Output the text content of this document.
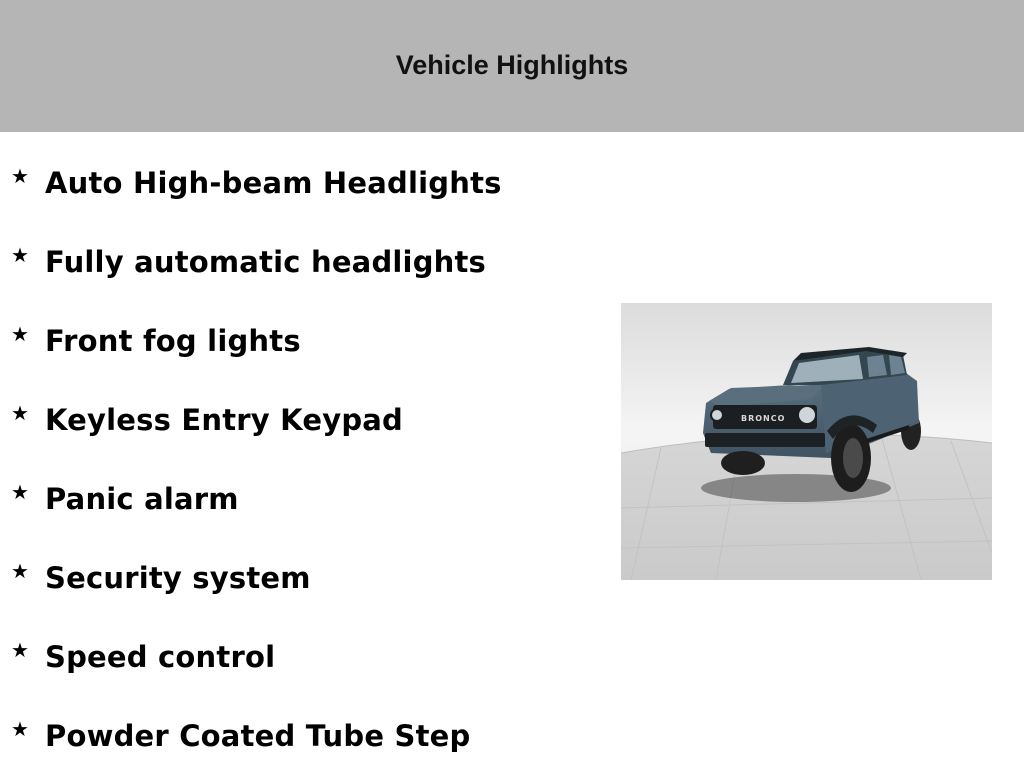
Vehicle Highlights
★ Auto High-beam Headlights
★ Fully automatic headlights
★ Front fog lights
★ Keyless Entry Keypad
★ Panic alarm
★ Security system
★ Speed control
★ Powder Coated Tube Step
BRONCO
